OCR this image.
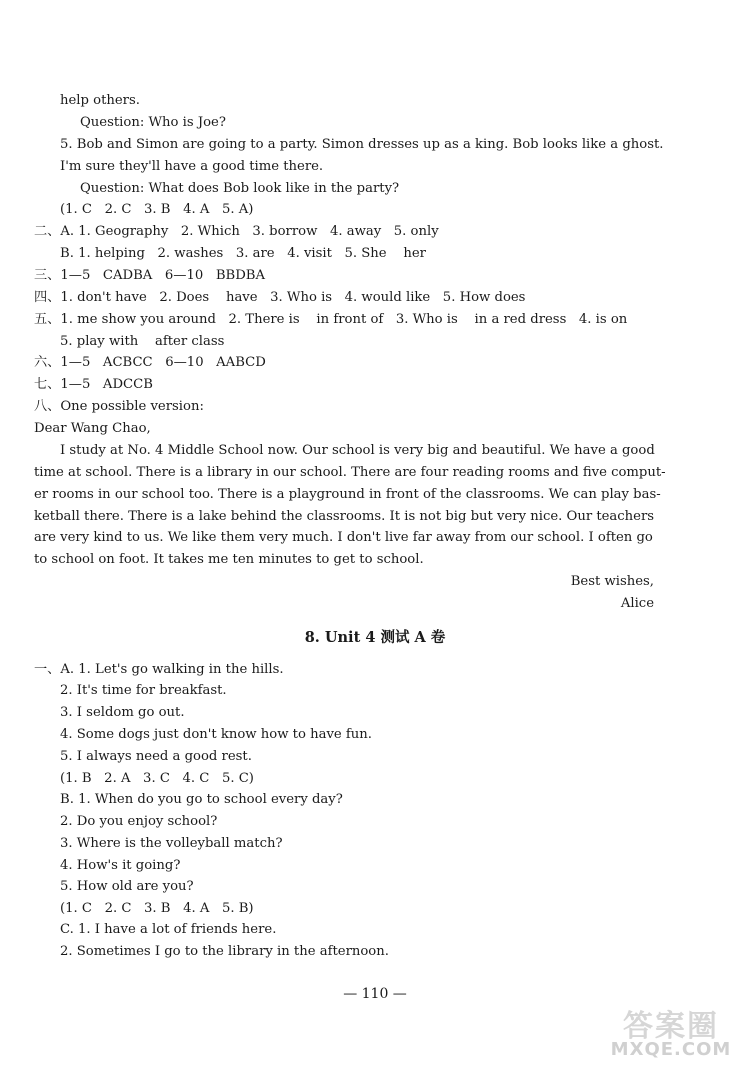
help others.
Question: Who is Joe?
5. Bob and Simon are going to a party. Simon dresses up as a king. Bob looks like a ghost.
I'm sure they'll have a good time there.
Question: What does Bob look like in the party?
(1. C   2. C   3. B   4. A   5. A)
二、A. 1. Geography   2. Which   3. borrow   4. away   5. only
B. 1. helping   2. washes   3. are   4. visit   5. She    her
三、1—5   CADBA   6—10   BBDBA
四、1. don't have   2. Does    have   3. Who is   4. would like   5. How does
五、1. me show you around   2. There is    in front of   3. Who is    in a red dress   4. is on
5. play with    after class
六、1—5   ACBCC   6—10   AABCD
七、1—5   ADCCB
八、One possible version:
Dear Wang Chao,
I study at No. 4 Middle School now. Our school is very big and beautiful. We have a good
time at school. There is a library in our school. There are four reading rooms and five comput-
er rooms in our school too. There is a playground in front of the classrooms. We can play bas-
ketball there. There is a lake behind the classrooms. It is not big but very nice. Our teachers
are very kind to us. We like them very much. I don't live far away from our school. I often go
to school on foot. It takes me ten minutes to get to school.
Best wishes,
Alice
8. Unit 4 测试 A 卷
一、A. 1. Let's go walking in the hills.
2. It's time for breakfast.
3. I seldom go out.
4. Some dogs just don't know how to have fun.
5. I always need a good rest.
(1. B   2. A   3. C   4. C   5. C)
B. 1. When do you go to school every day?
2. Do you enjoy school?
3. Where is the volleyball match?
4. How's it going?
5. How old are you?
(1. C   2. C   3. B   4. A   5. B)
C. 1. I have a lot of friends here.
2. Sometimes I go to the library in the afternoon.
— 110 —
答案圈
MXQE.COM
